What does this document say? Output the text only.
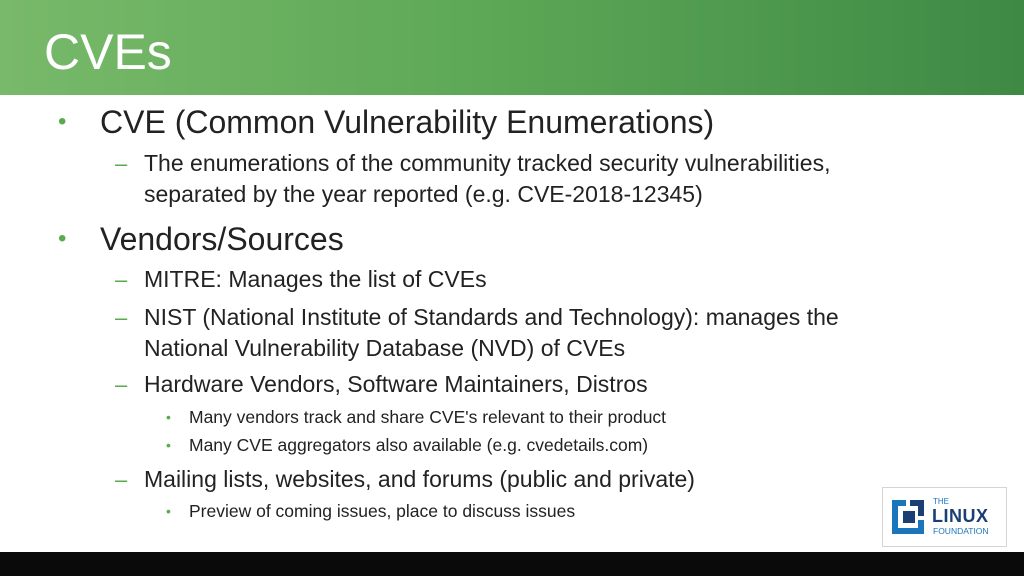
CVEs
• CVE (Common Vulnerability Enumerations)
– The enumerations of the community tracked security vulnerabilities,
separated by the year reported (e.g. CVE-2018-12345)
• Vendors/Sources
– MITRE: Manages the list of CVEs
– NIST (National Institute of Standards and Technology): manages the
National Vulnerability Database (NVD) of CVEs
– Hardware Vendors, Software Maintainers, Distros
• Many vendors track and share CVE's relevant to their product
• Many CVE aggregators also available (e.g. cvedetails.com)
– Mailing lists, websites, and forums (public and private)
• Preview of coming issues, place to discuss issues	THE
LINUX
FOUNDATION
